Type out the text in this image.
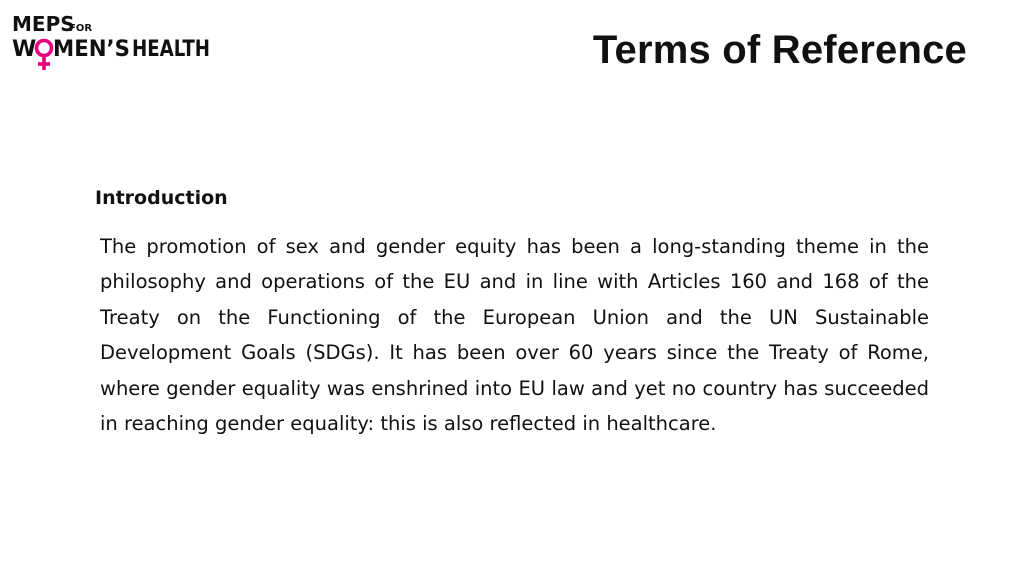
MEPS
FOR
W MEN’S HEALTH	Terms of Reference
Introduction

The promotion of sex and gender equity has been a long-standing theme in the philosophy and operations of the EU and in line with Articles 160 and 168 of the Treaty on the Functioning of the European Union and the UN Sustainable Development Goals (SDGs). It has been over 60 years since the Treaty of Rome, where gender equality was enshrined into EU law and yet no country has succeeded in reaching gender equality: this is also reflected in healthcare.
